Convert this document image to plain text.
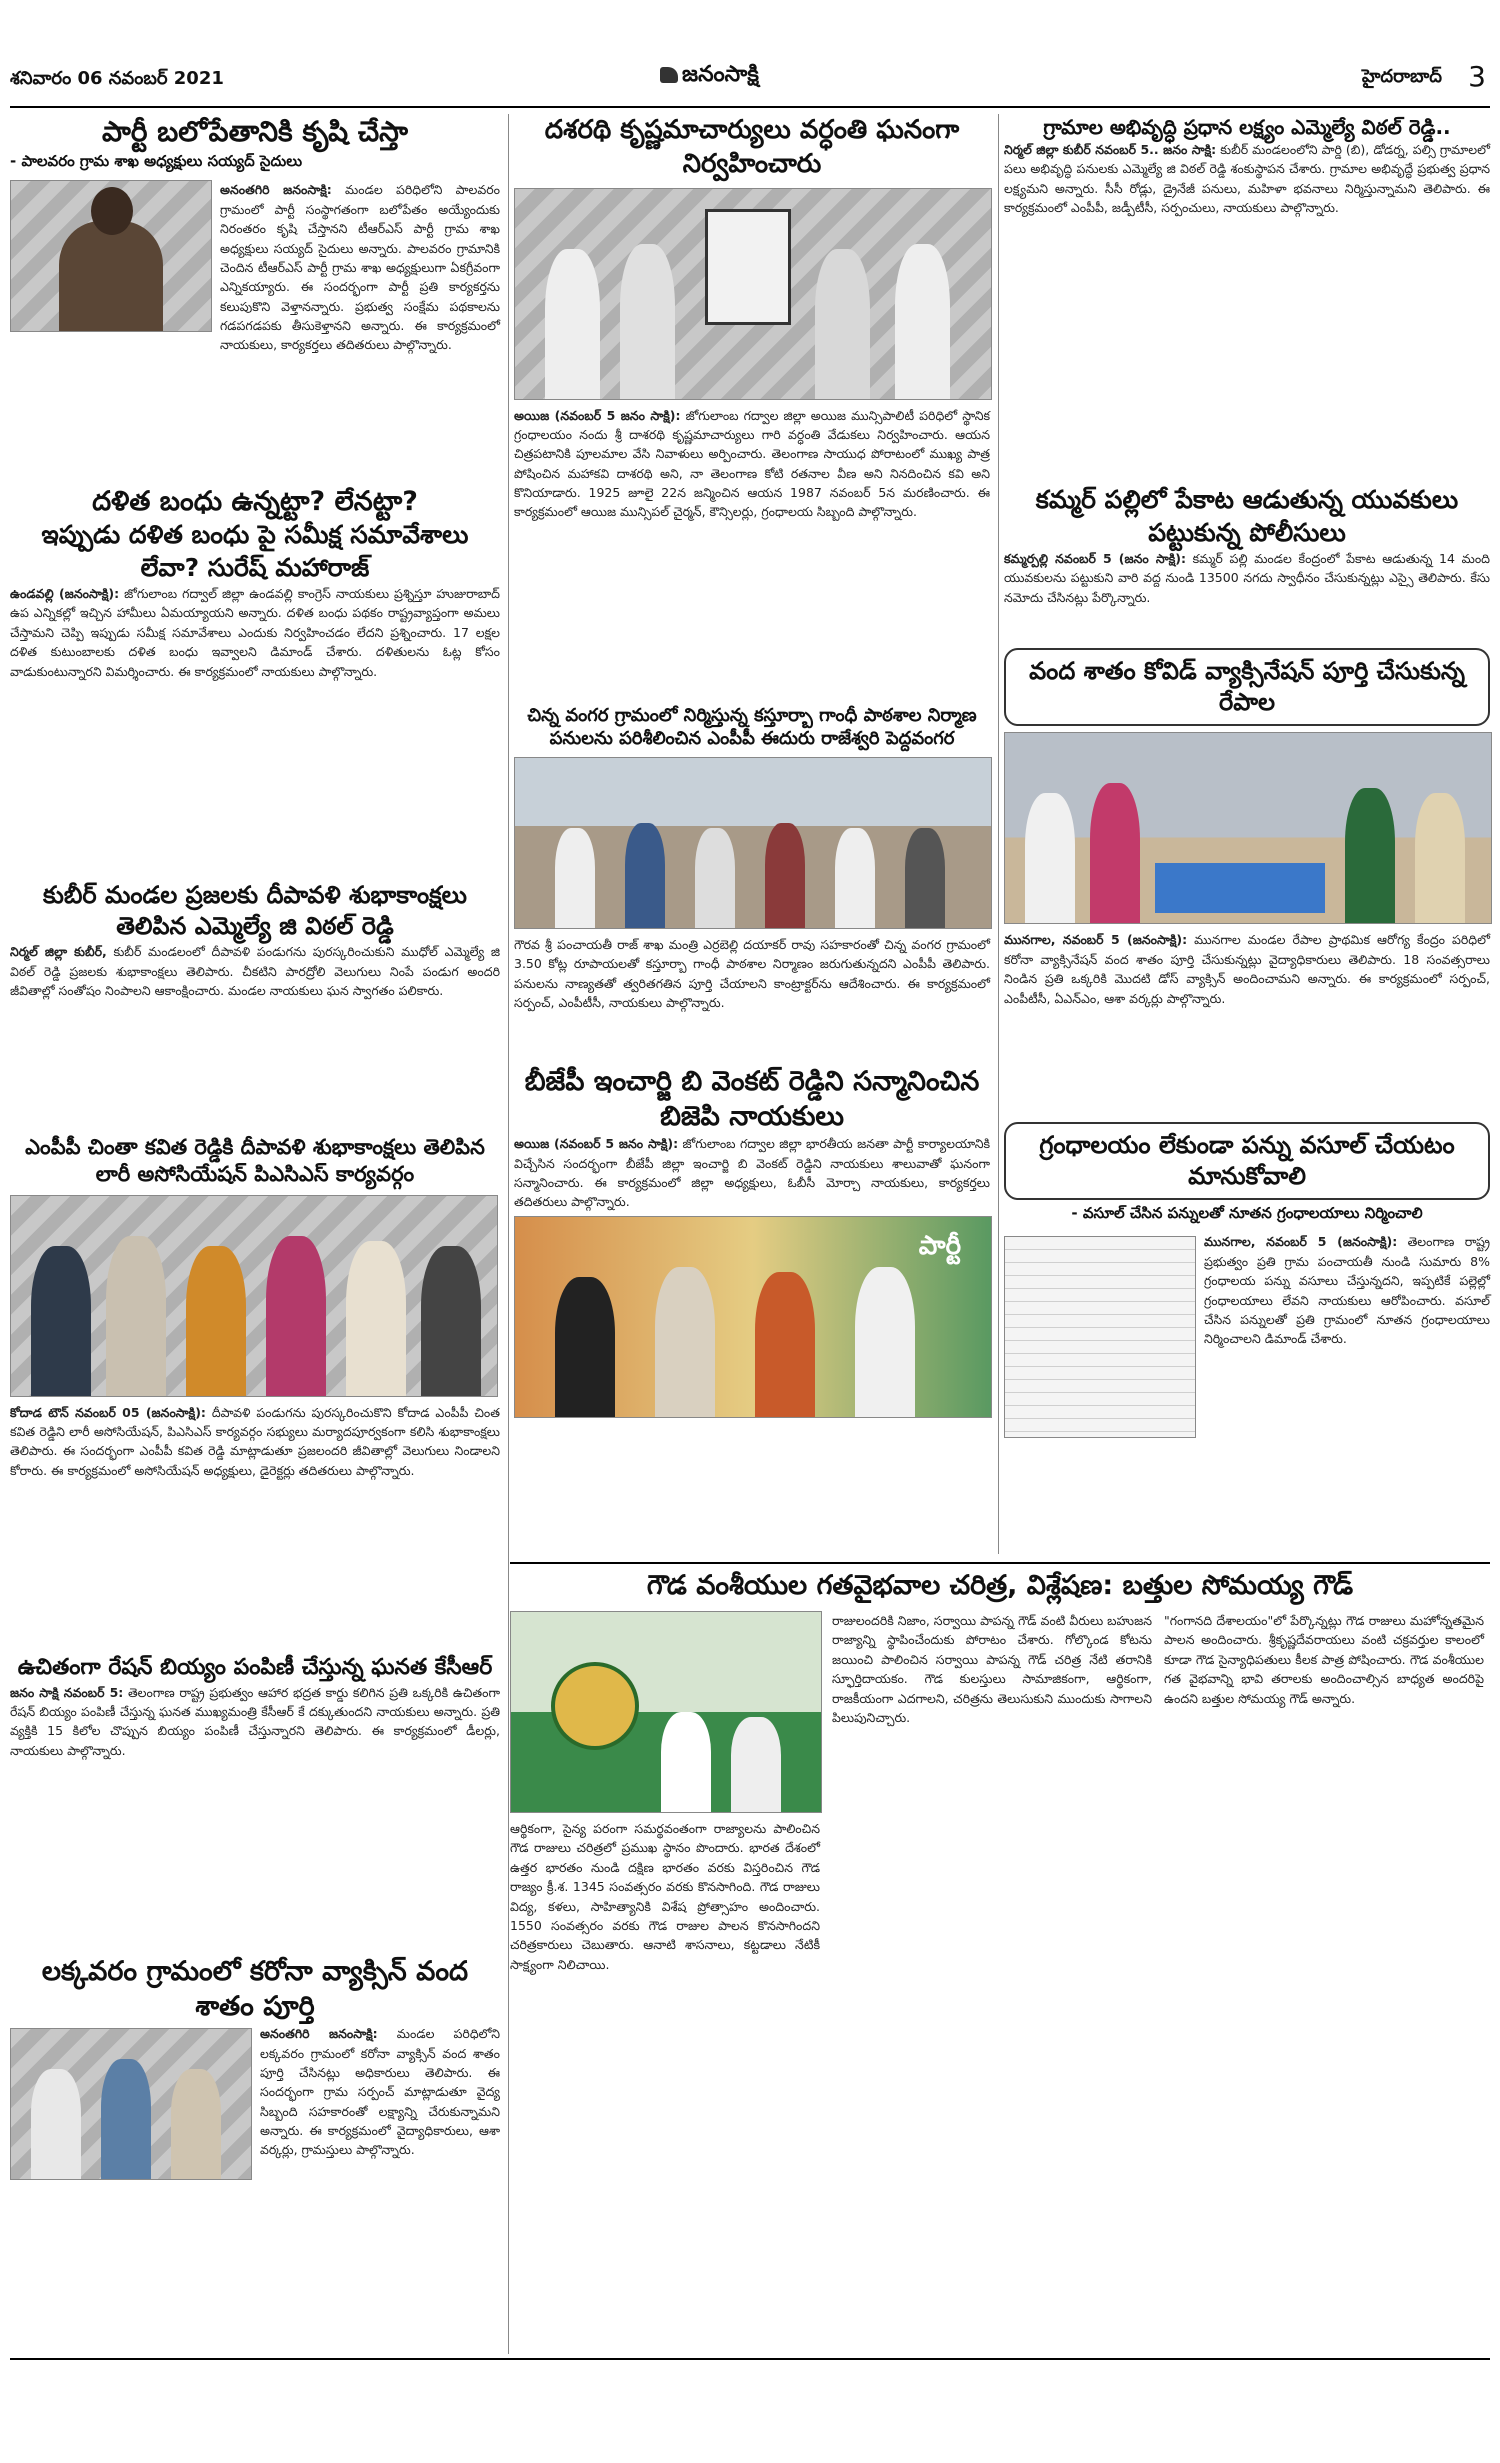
శనివారం 06 నవంబర్ 2021	జనంసాక్షి	హైదరాబాద్ 3
పార్టీ బలోపేతానికి కృషి చేస్తా
- పాలవరం గ్రామ శాఖ అధ్యక్షులు సయ్యద్ సైదులు
అనంతగిరి జనంసాక్షి: మండల పరిధిలోని పాలవరం గ్రామంలో పార్టీ సంస్థాగతంగా బలోపేతం అయ్యేందుకు నిరంతరం కృషి చేస్తానని టీఆర్ఎస్ పార్టీ గ్రామ శాఖ అధ్యక్షులు సయ్యద్ సైదులు అన్నారు. పాలవరం గ్రామానికి చెందిన టీఆర్ఎస్ పార్టీ గ్రామ శాఖ అధ్యక్షులుగా ఏకగ్రీవంగా ఎన్నికయ్యారు. ఈ సందర్భంగా పార్టీ ప్రతి కార్యకర్తను కలుపుకొని వెళ్తానన్నారు. ప్రభుత్వ సంక్షేమ పథకాలను గడపగడపకు తీసుకెళ్తానని అన్నారు. ఈ కార్యక్రమంలో నాయకులు, కార్యకర్తలు తదితరులు పాల్గొన్నారు.
దళిత బంధు ఉన్నట్టా? లేనట్టా?
ఇప్పుడు దళిత బంధు పై సమీక్ష సమావేశాలు లేవా? సురేష్ మహారాజ్
ఉండవల్లి (జనంసాక్షి): జోగులాంబ గద్వాల్ జిల్లా ఉండవల్లి కాంగ్రెస్ నాయకులు ప్రశ్నిస్తూ హుజురాబాద్ ఉప ఎన్నికల్లో ఇచ్చిన హామీలు ఏమయ్యాయని అన్నారు. దళిత బంధు పథకం రాష్ట్రవ్యాప్తంగా అమలు చేస్తామని చెప్పి ఇప్పుడు సమీక్ష సమావేశాలు ఎందుకు నిర్వహించడం లేదని ప్రశ్నించారు. 17 లక్షల దళిత కుటుంబాలకు దళిత బంధు ఇవ్వాలని డిమాండ్ చేశారు. దళితులను ఓట్ల కోసం వాడుకుంటున్నారని విమర్శించారు. ఈ కార్యక్రమంలో నాయకులు పాల్గొన్నారు.
కుబీర్ మండల ప్రజలకు దీపావళి శుభాకాంక్షలు తెలిపిన ఎమ్మెల్యే జి విఠల్ రెడ్డి
నిర్మల్ జిల్లా కుబీర్, కుబీర్ మండలంలో దీపావళి పండుగను పురస్కరించుకుని ముధోల్ ఎమ్మెల్యే జి విఠల్ రెడ్డి ప్రజలకు శుభాకాంక్షలు తెలిపారు. చీకటిని పారద్రోలి వెలుగులు నింపే పండుగ అందరి జీవితాల్లో సంతోషం నింపాలని ఆకాంక్షించారు. మండల నాయకులు ఘన స్వాగతం పలికారు.
ఎంపీపీ చింతా కవిత రెడ్డికి దీపావళి శుభాకాంక్షలు తెలిపిన లారీ అసోసియేషన్ పిఎసిఎస్ కార్యవర్గం
కోదాడ టౌన్ నవంబర్ 05 (జనంసాక్షి): దీపావళి పండుగను పురస్కరించుకొని కోదాడ ఎంపీపీ చింత కవిత రెడ్డిని లారీ అసోసియేషన్, పిఎసిఎస్ కార్యవర్గం సభ్యులు మర్యాదపూర్వకంగా కలిసి శుభాకాంక్షలు తెలిపారు. ఈ సందర్భంగా ఎంపీపీ కవిత రెడ్డి మాట్లాడుతూ ప్రజలందరి జీవితాల్లో వెలుగులు నిండాలని కోరారు. ఈ కార్యక్రమంలో అసోసియేషన్ అధ్యక్షులు, డైరెక్టర్లు తదితరులు పాల్గొన్నారు.
ఉచితంగా రేషన్ బియ్యం పంపిణీ చేస్తున్న ఘనత కేసీఆర్
జనం సాక్షి నవంబర్ 5: తెలంగాణ రాష్ట్ర ప్రభుత్వం ఆహార భద్రత కార్డు కలిగిన ప్రతి ఒక్కరికి ఉచితంగా రేషన్ బియ్యం పంపిణీ చేస్తున్న ఘనత ముఖ్యమంత్రి కేసీఆర్ కే దక్కుతుందని నాయకులు అన్నారు. ప్రతి వ్యక్తికి 15 కిలోల చొప్పున బియ్యం పంపిణీ చేస్తున్నారని తెలిపారు. ఈ కార్యక్రమంలో డీలర్లు, నాయకులు పాల్గొన్నారు.
లక్కవరం గ్రామంలో కరోనా వ్యాక్సిన్ వంద శాతం పూర్తి
అనంతగిరి జనంసాక్షి: మండల పరిధిలోని లక్కవరం గ్రామంలో కరోనా వ్యాక్సిన్ వంద శాతం పూర్తి చేసినట్లు అధికారులు తెలిపారు. ఈ సందర్భంగా గ్రామ సర్పంచ్ మాట్లాడుతూ వైద్య సిబ్బంది సహకారంతో లక్ష్యాన్ని చేరుకున్నామని అన్నారు. ఈ కార్యక్రమంలో వైద్యాధికారులు, ఆశా వర్కర్లు, గ్రామస్తులు పాల్గొన్నారు.
దశరథి కృష్ణమాచార్యులు వర్ధంతి ఘనంగా నిర్వహించారు
అయిజ (నవంబర్ 5 జనం సాక్షి): జోగులాంబ గద్వాల జిల్లా అయిజ మున్సిపాలిటీ పరిధిలో స్థానిక గ్రంధాలయం నందు శ్రీ దాశరథి కృష్ణమాచార్యులు గారి వర్ధంతి వేడుకలు నిర్వహించారు. ఆయన చిత్రపటానికి పూలమాల వేసి నివాళులు అర్పించారు. తెలంగాణ సాయుధ పోరాటంలో ముఖ్య పాత్ర పోషించిన మహాకవి దాశరథి అని, నా తెలంగాణ కోటి రతనాల వీణ అని నినదించిన కవి అని కొనియాడారు. 1925 జూలై 22న జన్మించిన ఆయన 1987 నవంబర్ 5న మరణించారు. ఈ కార్యక్రమంలో ఆయిజ మున్సిపల్ చైర్మన్, కౌన్సిలర్లు, గ్రంధాలయ సిబ్బంది పాల్గొన్నారు.
చిన్న వంగర గ్రామంలో నిర్మిస్తున్న కస్తూర్బా గాంధీ పాఠశాల నిర్మాణ పనులను పరిశీలించిన ఎంపీపీ ఈదురు రాజేశ్వరి పెద్దవంగర
గౌరవ శ్రీ పంచాయతీ రాజ్ శాఖ మంత్రి ఎర్రబెల్లి దయాకర్ రావు సహకారంతో చిన్న వంగర గ్రామంలో 3.50 కోట్ల రూపాయలతో కస్తూర్బా గాంధీ పాఠశాల నిర్మాణం జరుగుతున్నదని ఎంపీపీ తెలిపారు. పనులను నాణ్యతతో త్వరితగతిన పూర్తి చేయాలని కాంట్రాక్టర్‌ను ఆదేశించారు. ఈ కార్యక్రమంలో సర్పంచ్, ఎంపీటీసీ, నాయకులు పాల్గొన్నారు.
బీజేపీ ఇంచార్జి బి వెంకట్ రెడ్డిని సన్మానించిన బిజెపి నాయకులు
అయిజ (నవంబర్ 5 జనం సాక్షి): జోగులాంబ గద్వాల జిల్లా భారతీయ జనతా పార్టీ కార్యాలయానికి విచ్చేసిన సందర్భంగా బీజేపీ జిల్లా ఇంచార్జి బి వెంకట్ రెడ్డిని నాయకులు శాలువాతో ఘనంగా సన్మానించారు. ఈ కార్యక్రమంలో జిల్లా అధ్యక్షులు, ఓబీసీ మోర్చా నాయకులు, కార్యకర్తలు తదితరులు పాల్గొన్నారు.
పార్టీ
గ్రామాల అభివృద్ధి ప్రధాన లక్ష్యం ఎమ్మెల్యే విఠల్ రెడ్డి..
నిర్మల్ జిల్లా కుబీర్ నవంబర్ 5.. జనం సాక్షి: కుబీర్ మండలంలోని పార్డి (బి), డోడర్న, పల్సి గ్రామాలలో పలు అభివృద్ధి పనులకు ఎమ్మెల్యే జి విఠల్ రెడ్డి శంకుస్థాపన చేశారు. గ్రామాల అభివృద్ధే ప్రభుత్వ ప్రధాన లక్ష్యమని అన్నారు. సీసీ రోడ్లు, డ్రైనేజీ పనులు, మహిళా భవనాలు నిర్మిస్తున్నామని తెలిపారు. ఈ కార్యక్రమంలో ఎంపీపీ, జడ్పీటీసీ, సర్పంచులు, నాయకులు పాల్గొన్నారు.
కమ్మర్ పల్లిలో పేకాట ఆడుతున్న యువకులు పట్టుకున్న పోలీసులు
కమ్మర్పల్లి నవంబర్ 5 (జనం సాక్షి): కమ్మర్ పల్లి మండల కేంద్రంలో పేకాట ఆడుతున్న 14 మంది యువకులను పట్టుకుని వారి వద్ద నుండి 13500 నగదు స్వాధీనం చేసుకున్నట్లు ఎస్సై తెలిపారు. కేసు నమోదు చేసినట్లు పేర్కొన్నారు.
వంద శాతం కోవిడ్ వ్యాక్సినేషన్ పూర్తి చేసుకున్న రేపాల
మునగాల, నవంబర్ 5 (జనంసాక్షి): మునగాల మండల రేపాల ప్రాథమిక ఆరోగ్య కేంద్రం పరిధిలో కరోనా వ్యాక్సినేషన్ వంద శాతం పూర్తి చేసుకున్నట్లు వైద్యాధికారులు తెలిపారు. 18 సంవత్సరాలు నిండిన ప్రతి ఒక్కరికి మొదటి డోస్ వ్యాక్సిన్ అందించామని అన్నారు. ఈ కార్యక్రమంలో సర్పంచ్, ఎంపీటీసీ, ఏఎన్ఎం, ఆశా వర్కర్లు పాల్గొన్నారు.
గ్రంధాలయం లేకుండా పన్ను వసూల్ చేయటం మానుకోవాలి
- వసూల్ చేసిన పన్నులతో నూతన గ్రంధాలయాలు నిర్మించాలి
మునగాల, నవంబర్ 5 (జనంసాక్షి): తెలంగాణ రాష్ట్ర ప్రభుత్వం ప్రతి గ్రామ పంచాయతీ నుండి సుమారు 8% గ్రంధాలయ పన్ను వసూలు చేస్తున్నదని, ఇప్పటికే పల్లెల్లో గ్రంధాలయాలు లేవని నాయకులు ఆరోపించారు. వసూల్ చేసిన పన్నులతో ప్రతి గ్రామంలో నూతన గ్రంధాలయాలు నిర్మించాలని డిమాండ్ చేశారు.
గౌడ వంశీయుల గతవైభవాల చరిత్ర, విశ్లేషణ: బత్తుల సోమయ్య గౌడ్
ఆర్థికంగా, సైన్య పరంగా సమర్థవంతంగా రాజ్యాలను పాలించిన గౌడ రాజులు చరిత్రలో ప్రముఖ స్థానం పొందారు. భారత దేశంలో ఉత్తర భారతం నుండి దక్షిణ భారతం వరకు విస్తరించిన గౌడ రాజ్యం క్రీ.శ. 1345 సంవత్సరం వరకు కొనసాగింది. గౌడ రాజులు విద్య, కళలు, సాహిత్యానికి విశేష ప్రోత్సాహం అందించారు. 1550 సంవత్సరం వరకు గౌడ రాజుల పాలన కొనసాగిందని చరిత్రకారులు చెబుతారు. ఆనాటి శాసనాలు, కట్టడాలు నేటికీ సాక్ష్యంగా నిలిచాయి.
రాజులందరికి నిజాం, సర్వాయి పాపన్న గౌడ్ వంటి వీరులు బహుజన రాజ్యాన్ని స్థాపించేందుకు పోరాటం చేశారు. గోల్కొండ కోటను జయించి పాలించిన సర్వాయి పాపన్న గౌడ్ చరిత్ర నేటి తరానికి స్ఫూర్తిదాయకం. గౌడ కులస్తులు సామాజికంగా, ఆర్థికంగా, రాజకీయంగా ఎదగాలని, చరిత్రను తెలుసుకుని ముందుకు సాగాలని పిలుపునిచ్చారు.
"గంగానది దేశాలయం"లో పేర్కొన్నట్లు గౌడ రాజులు మహోన్నతమైన పాలన అందించారు. శ్రీకృష్ణదేవరాయలు వంటి చక్రవర్తుల కాలంలో కూడా గౌడ సైన్యాధిపతులు కీలక పాత్ర పోషించారు. గౌడ వంశీయుల గత వైభవాన్ని భావి తరాలకు అందించాల్సిన బాధ్యత అందరిపై ఉందని బత్తుల సోమయ్య గౌడ్ అన్నారు.
